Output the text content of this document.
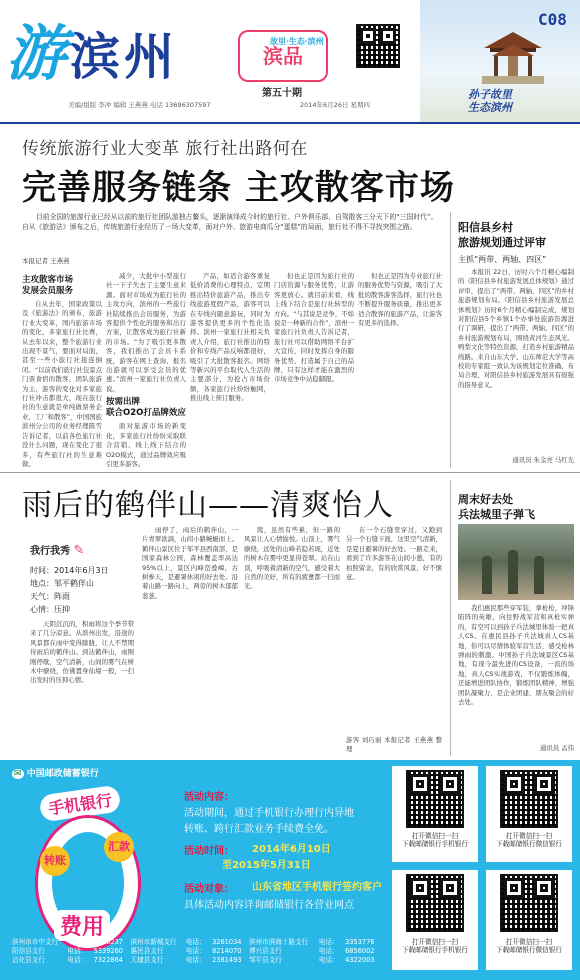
游 滨州	故里·生态·滨州
滨品
C08
孙子故里
生态滨州
第五十期
美编/组版 李冲 编辑 王燕燕 电话 13696307597	2014年6月26日 星期四
传统旅游行业大变革 旅行社出路何在
完善服务链条 主攻散客市场
目前全国的旅游行业已经从以前的旅行社团队游独占鳌头，逐渐演绎成今时的旅行社、户外俱乐部、自驾散客三分天下的“三国时代”。自从《旅游法》颁布之后，传统旅游行业经历了一场大变革，面对户外、旅游电商瓜分“蛋糕”的局面，旅行社不得不寻找突围之路。
本报记者 王燕燕

主攻散客市场
发展会员服务

自从去年，国家政策以及《旅游法》的颁布，旅游行业大变革，国内旅游市场的变化，多家旅行社比赛，从去年以来，整个旅游行业出现不景气，要面对局面，甚至一些小旅行社接连倒闭。“以前我们旅行社包景点门票食宿的散客，团队旅游为主，游客的变化对多家旅行社冲击都很大，现在旅行社的生意就是单纯做票务企业、工厂和散客”，中国国旅滨州分公司的业务经理陈雪告诉记者，以前各色旅行社没什么问题，现在变化了很多，有些旅行社的生意难做。

减少，大批中小型旅行社一下子失去了主要生意来源。面对市场成为旅行社的主攻方向，滨州的一些旅行社陆续推出会员服务，为游客提供个性化的服务和出行方案，让散客成为旅行社新的市场。“为了吸引更多散客，我们推出了会员卡系统，游客在网上查询、报名出游就可以享受会员的优惠。”滨州一家旅行社负责人说。

按需出牌
联合O2O打品牌效应

面对旅游市场的新变化，多家旅行社纷纷采取联合营销、线上线下结合的O2O模式，通过品牌效应吸引更多游客。

产品，如适合游客重复低价消费的心理特点，定期推出特价旅游产品，推出专线旅游度假产品，游客可以在专线内随意游玩，同时为游客提供更多的个性化选择。滨州一家旅行社相关负责人介绍，旅行社推出的特价和专线产品反响都很好，吸引了大批散客报名。网络等新兴的平台取代人生活的主要部分，为抢占市场份额，各家旅行社纷纷触网，推出线上预订服务。

但也正是因为旅行社的门店资源与服务优势，让游客更放心。就目前来看，线上线下结合是旅行社转型的方向。“与其说是竞争，不如说是一种新的合作”，滨州一家旅行社负责人告诉记者，旅行社可以借助网络平台扩大宣传，同时发挥自身的服务优势，打造属于自己的品牌，只有这样才能在激烈的市场竞争中站稳脚跟。

但也正是因为专业旅行社的服务优势与资源，吸引了大批的散客游客选择，旅行社也不断提升服务质量，推出更多适合散客的旅游产品，让游客有更多的选择。

阳信县乡村
旅游规划通过评审
主抓“两带、两轴、四区”

本报讯 22日，历时六个月精心编制的《阳信县乡村旅游发展总体规划》通过评审，提出了“两带、两轴、四区”的乡村旅游规划布局。《阳信县乡村旅游发展总体规划》历时6个月精心编制完成，规划对阳信县5个乡镇1个办事处旅游资源进行了调研，提出了“两带、两轴、四区”的乡村旅游规划布局，围绕黄河生态风光、鸭梨文化等特色资源，打造乡村旅游精品线路。来自山东大学、山东师范大学等高校的专家组一致认为该规划定位准确、布局合理，对阳信县乡村旅游发展具有很强的指导意义。

通讯员 朱金亮 马红光
雨后的鹤伴山——清爽怡人
我行我秀 ✎
时间：2014年6月3日
地点：邹平鹤伴山
天气：阵雨
心情：压抑

天阴沉沉的，积雨将这个季节带来了几分凉意。从滨州出发，沿途的风景都在雨中变得朦胧，让人不禁期待雨后的鹤伴山。到达鹤伴山，雨刚刚停歇，空气清新，山间的雾气在树木中缭绕，仿佛置身仙境一般，一扫出发时的压抑心情。

雨停了，雨后的鹤伴山，一片青翠欲滴，山间小路蜿蜒而上。鹤伴山景区位于邹平县西南部，是国家森林公园，森林覆盖率高达95%以上，景区内峰峦叠嶂，古树参天，是避暑休闲的好去处。沿着山路一路向上，两旁的树木郁郁葱葱。

爬，虽然有些累，但一路的风景让人心情愉悦。山顶上，雾气缭绕，远处的山峰若隐若现，近处的树木在雾中更显得苍翠。站在山顶，呼吸着清新的空气，感受着大自然的美好，所有的疲惫都一扫而光。

在一个石缝里穿过，又跑到另一个石缝下面，这里空气清新，是夏日避暑的好去处。一路走来，看到了许多游客在山间小憩，有的拍照留念，有的欣赏风景，好不惬意。

游客 刘巧丽 本报记者 王燕燕 整理
周末好去处
兵法城里子弹飞

我们惠民那些穿军装，拿枪枪，冲锋陷阵的英雄，向往野战军营和真枪实弹的，有空可以到孙子兵法城里体验一把真人CS。在惠民县孙子兵法城真人CS基地，你可以尽情体验军营生活，感受枪林弹雨的刺激。中国孙子兵法城景区CS基地，有现今最先进的CS设备，一流的场地，真人CS实战游戏，不仅锻炼体魄，还能增进团队协作，锻炼团队精神，增强团队凝聚力，是企业团建、朋友聚会的好去处。

通讯员 孟伟
✉ 中国邮政储蓄银行
手机银行
转账
汇款
费用
活动内容：
活动期间，通过手机银行办理行内异地
转账、跨行汇款业务手续费全免。
活动时间： 2014年6月10日
至2015年5月31日
活动对象： 山东省地区手机银行签约客户
具体活动内容详询邮储银行各营业网点
滨州市市中支行	电话：	3326237	滨州市新城支行	电话：	3261034	滨州市滨海十路支行	电话：	3353776
阳信县支行	电话：	5339260	惠民县支行	电话：	8214070	博兴县支行	电话：	6856002
沾化县支行	电话：	7322864	无棣县支行	电话：	2381493	邹平县支行	电话：	4322003
打开微信扫一扫
下载邮储银行手机银行
打开微信扫一扫
下载邮储银行微信银行
打开微信扫一扫
下载邮储银行手机银行
打开微信扫一扫
下载邮储银行微信银行
